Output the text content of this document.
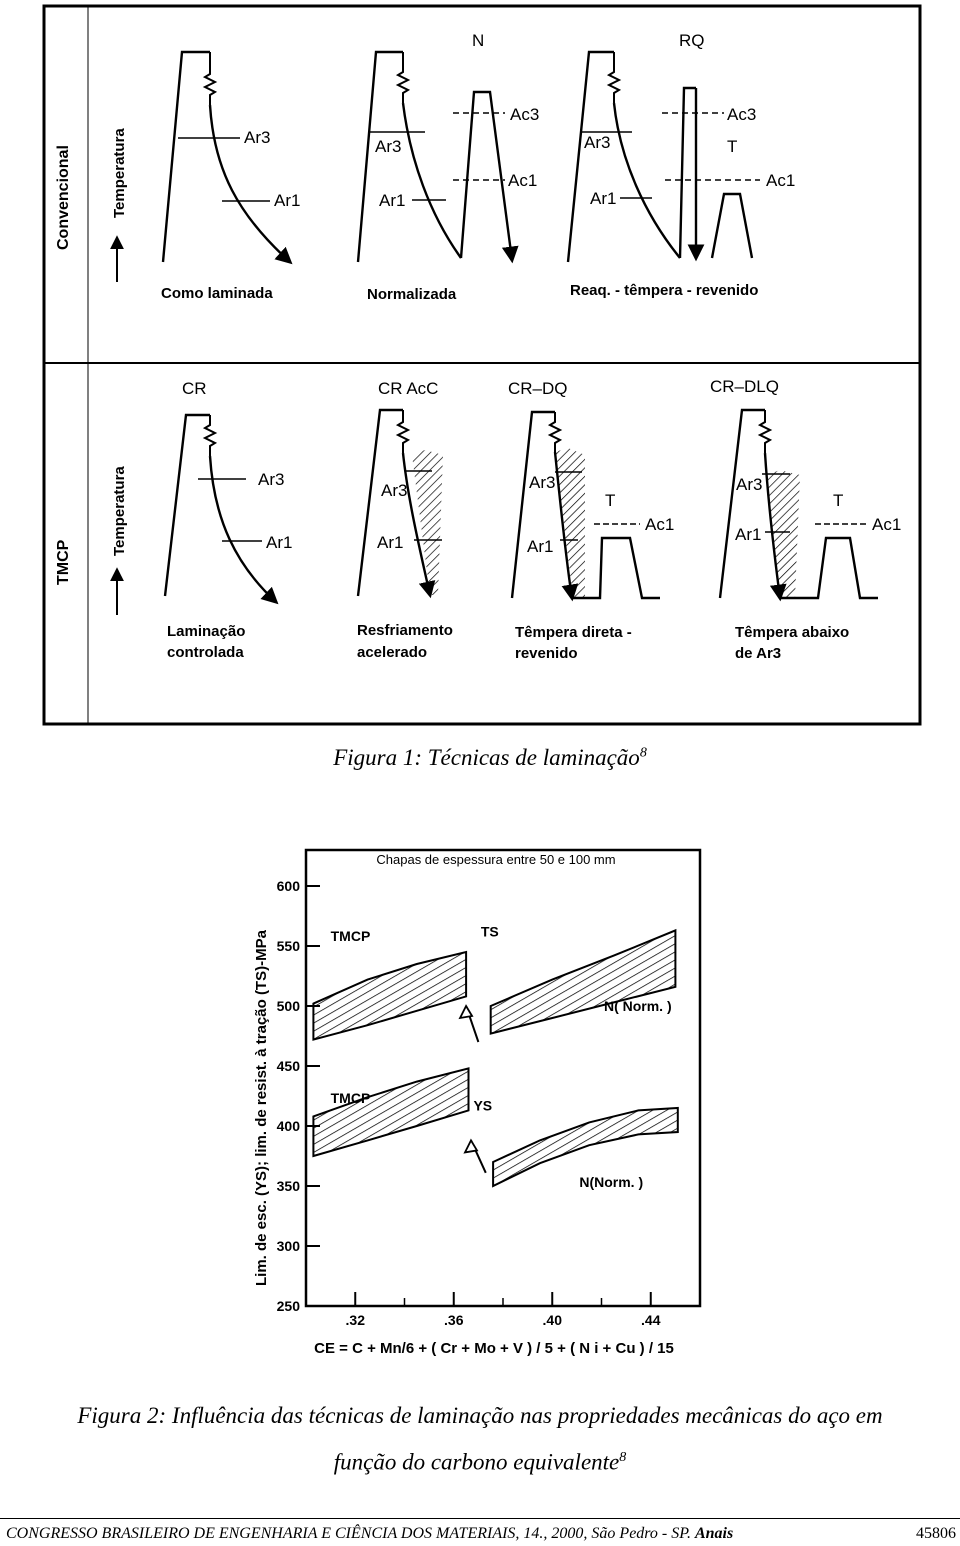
Convencional
TMCP
Temperatura
Temperatura
Ar3
Ar1
Como laminada
N
Ar3
Ar1
Ac3
Ac1
Normalizada
RQ
Ar3
Ar1
Ac3
T
Ac1
Reaq. - têmpera - revenido
CR
Ar3
Ar1
Laminação
controlada
CR AcC
Ar3
Ar1
Resfriamento
acelerado
CR–DQ
Ar3
Ar1
T
Ac1
Têmpera direta -
revenido
CR–DLQ
Ar3
Ar1
T
Ac1
Têmpera abaixo
de Ar3
Figura 1: Técnicas de laminação$^8$
Chapas de espessura entre 50 e 100 mm
Lim. de esc. (YS); lim. de resist. à tração (TS)-MPa
CE = C + Mn/6 + ( Cr + Mo + V ) / 5 + ( N i + Cu ) / 15
250
300
350
400
450
500
550
600
.32	.36	.40	.44
TMCP	TS
N( Norm. )
TMCP	YS
N(Norm. )
Figura 2: Influência das técnicas de laminação nas propriedades mecânicas do aço em
função do carbono equivalente$^8$
CONGRESSO BRASILEIRO DE ENGENHARIA E CIÊNCIA DOS MATERIAIS, 14., 2000, São Pedro - SP. Anais	45806
